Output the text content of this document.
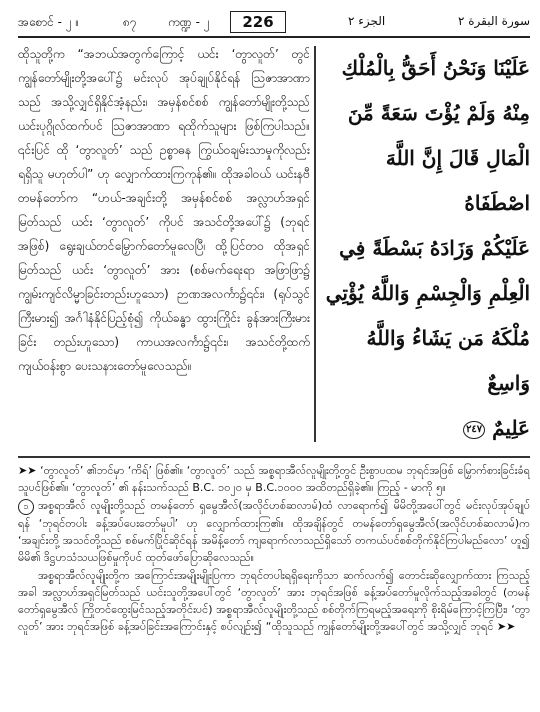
အစောင် - ၂ ။	၈၇	ကဏ္ဍ - ၂	226	الجزء ٢	سورة البقرة ٢

ထိုသူတို့က “အဘယ်အတွက်ကြောင့် ယင်း ‘တွာလူတ်’ တွင် ကျွန်တော်မျိုးတို့အပေါ်၌ မင်းလုပ် အုပ်ချုပ်နိုင်ရန် ဩဇာအာဏာသည် အသို့လျှင်ရှိနိုင်အံ့နည်း၊ အမှန်စင်စစ် ကျွန်တော်မျိုးတို့သည် ယင်းပုဂ္ဂိုလ်ထက်ပင် ဩဇာအာဏာ ရထိုက်သူများ ဖြစ်ကြပါသည်။ ၎င်းပြင် ထို ‘တွာလူတ်’ သည် ဥစ္စာဓန ကြွယ်ဝချမ်းသာမှုကိုလည်း ရရှိသူ မဟုတ်ပါ” ဟု လျှောက်ထားကြကုန်၏။ ထိုအခါဝယ် ယင်းနဗီတမန်တော်က “ဟယ်-အချင်းတို့ အမှန်စင်စစ် အလ္လာဟ်အရှင်မြတ်သည် ယင်း ‘တွာလူတ်’ ကိုပင် အသင်တို့အပေါ်၌ (ဘုရင်အဖြစ်) ရွေးချယ်တင်မြှောက်တော်မူလေပြီ၊ ထို့ပြင်တဝ ထိုအရှင်မြတ်သည် ယင်း ‘တွာလူတ်’ အား (စစ်မက်ရေးရာ အဖြာဖြာ၌ ကျွမ်းကျင်လိမ္မာခြင်းတည်းဟူသော) ဉာဏအလင်္ကာ၌၎င်း၊ (ရုပ်သွင်ကြီးမား၍ အင်္ဂါနံနိုင်ပြည့်စုံ၍ ကိုယ်ခန္ဓာ ထွားကြိုင်း ခွန်အားကြီးမားခြင်း တည်းဟူသော) ကာယအလင်္ကာ၌၎င်း၊ အသင်တို့ထက် ကျယ်ဝန်းစွာ ပေးသနားတော်မူလေသည်။

عَلَيْنَا وَنَحْنُ أَحَقُّ بِالْمُلْكِ
مِنْهُ وَلَمْ يُؤْتَ سَعَةً مِّنَ
الْمَالِ قَالَ إِنَّ اللَّهَ اصْطَفَاهُ
عَلَيْكُمْ وَزَادَهُ بَسْطَةً فِي
الْعِلْمِ وَالْجِسْمِ وَاللَّهُ يُؤْتِي
مُلْكَهُ مَن يَشَاءُ وَاللَّهُ وَاسِعٌ
عَلِيمٌ ٢٤٧

➤➤ ‘တွာလူတ်’ ၏ဘင်မှာ ‘ကိရ်’ ဖြစ်၏။ ‘တွာလူတ်’ သည် အစ္စရာအီလ်လူမျိုးတို့တွင် ဦးစွာပထမ ဘုရင်အဖြစ် မြှောက်စားခြင်းခံရသူပင်ဖြစ်၏။ ‘တွာလူတ်’ ၏ နန်းသက်သည် B.C. ၁၀၂၀ မှ B.C.၁၀၀၀ အထိတည်ရှိခဲ့၏။ ကြည့် - မာကို ၅။

၁ အစ္စရာအီလ် လူမျိုးတို့သည် တမန်တော် ရှမွေအီလ်(အလိုင်ဟစ်ဆလာမ်)ထံ လာရောက်၍ မိမိတို့အပေါ်တွင် မင်းလုပ်အုပ်ချုပ်ရန် ‘ဘုရင်တပါး ခန့်အပ်ပေးတော်မူပါ’ ဟု လျှောက်ထားကြ၏။ ထိုအချိန်တွင် တမန်တော်ရှမွေအီလ်(အလိုင်ဟစ်ဆလာမ်)က ‘အချင်းတို့ အသင်တို့သည် စစ်မက်ပြိုင်ဆိုင်ရန် အမိန့်တော် ကျရောက်လာသည်ရှိသော် တကယ်ပင်စစ်တိုက်နိုင်ကြပါမည်လော’ ဟူ၍ မိမိ၏ ဒိဋ္ဌဟသံသယဖြစ်မှုကိုပင် ထုတ်ဖော်ပြောဆိုလေသည်။

အစ္စရာအီလ်လူမျိုးတို့က အကြောင်းအမျိုးမျိုးပြကာ ဘုရင်တပါးရရှိရေးကိုသာ ဆက်လက်၍ တောင်းဆိုလျှောက်ထား ကြသည့်အခါ အလ္လာဟ်အရှင်မြတ်သည် ယင်းသူတို့အပေါ်တွင် ‘တွာလူတ်’ အား ဘုရင်အဖြစ် ခန့်အပ်တော်မူလိုက်သည့်အခါတွင် (တမန်တော်ရှမွေအီလ် ကြိုတင်ထွေးမြင်သည့်အတိုင်းပင်) အစ္စရာအီလ်လူမျိုးတို့သည် စစ်တိုက်ကြရမည့်အရေးကို စိုးရိမ်ကြောင့်ကြပြီး၊ ‘တွာလူတ်’ အား ဘုရင်အဖြစ် ခန့်အပ်ခြင်းအကြောင်းနှင့် စပ်လျဉ်း၍ “ထိုသူသည် ကျွန်တော်မျိုးတို့အပေါ်တွင် အသို့လျှင် ဘုရင် ➤➤
